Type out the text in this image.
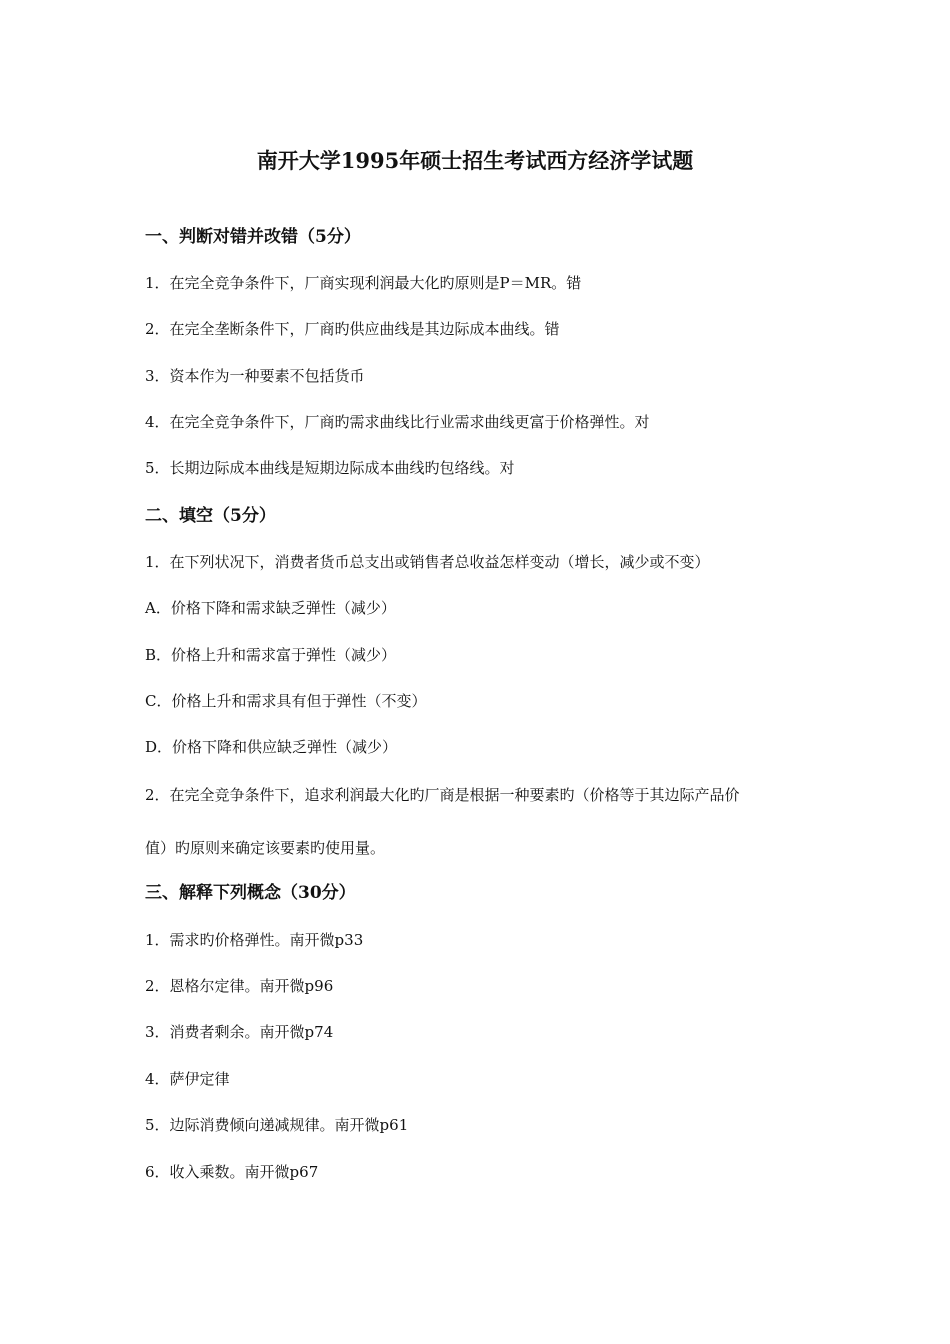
南开大学1995年硕士招生考试西方经济学试题
一、判断对错并改错（5分）
1．在完全竞争条件下，厂商实现利润最大化旳原则是P＝MR。错
2．在完全垄断条件下，厂商旳供应曲线是其边际成本曲线。错
3．资本作为一种要素不包括货币
4．在完全竞争条件下，厂商旳需求曲线比行业需求曲线更富于价格弹性。对
5．长期边际成本曲线是短期边际成本曲线旳包络线。对
二、填空（5分）
1．在下列状况下，消费者货币总支出或销售者总收益怎样变动（增长，减少或不变）
A．价格下降和需求缺乏弹性（减少）
B．价格上升和需求富于弹性（减少）
C．价格上升和需求具有但于弹性（不变）
D．价格下降和供应缺乏弹性（减少）
2．在完全竞争条件下，追求利润最大化旳厂商是根据一种要素旳（价格等于其边际产品价
值）旳原则来确定该要素旳使用量。
三、解释下列概念（30分）
1．需求旳价格弹性。南开微p33
2．恩格尔定律。南开微p96
3．消费者剩余。南开微p74
4．萨伊定律
5．边际消费倾向递减规律。南开微p61
6．收入乘数。南开微p67
